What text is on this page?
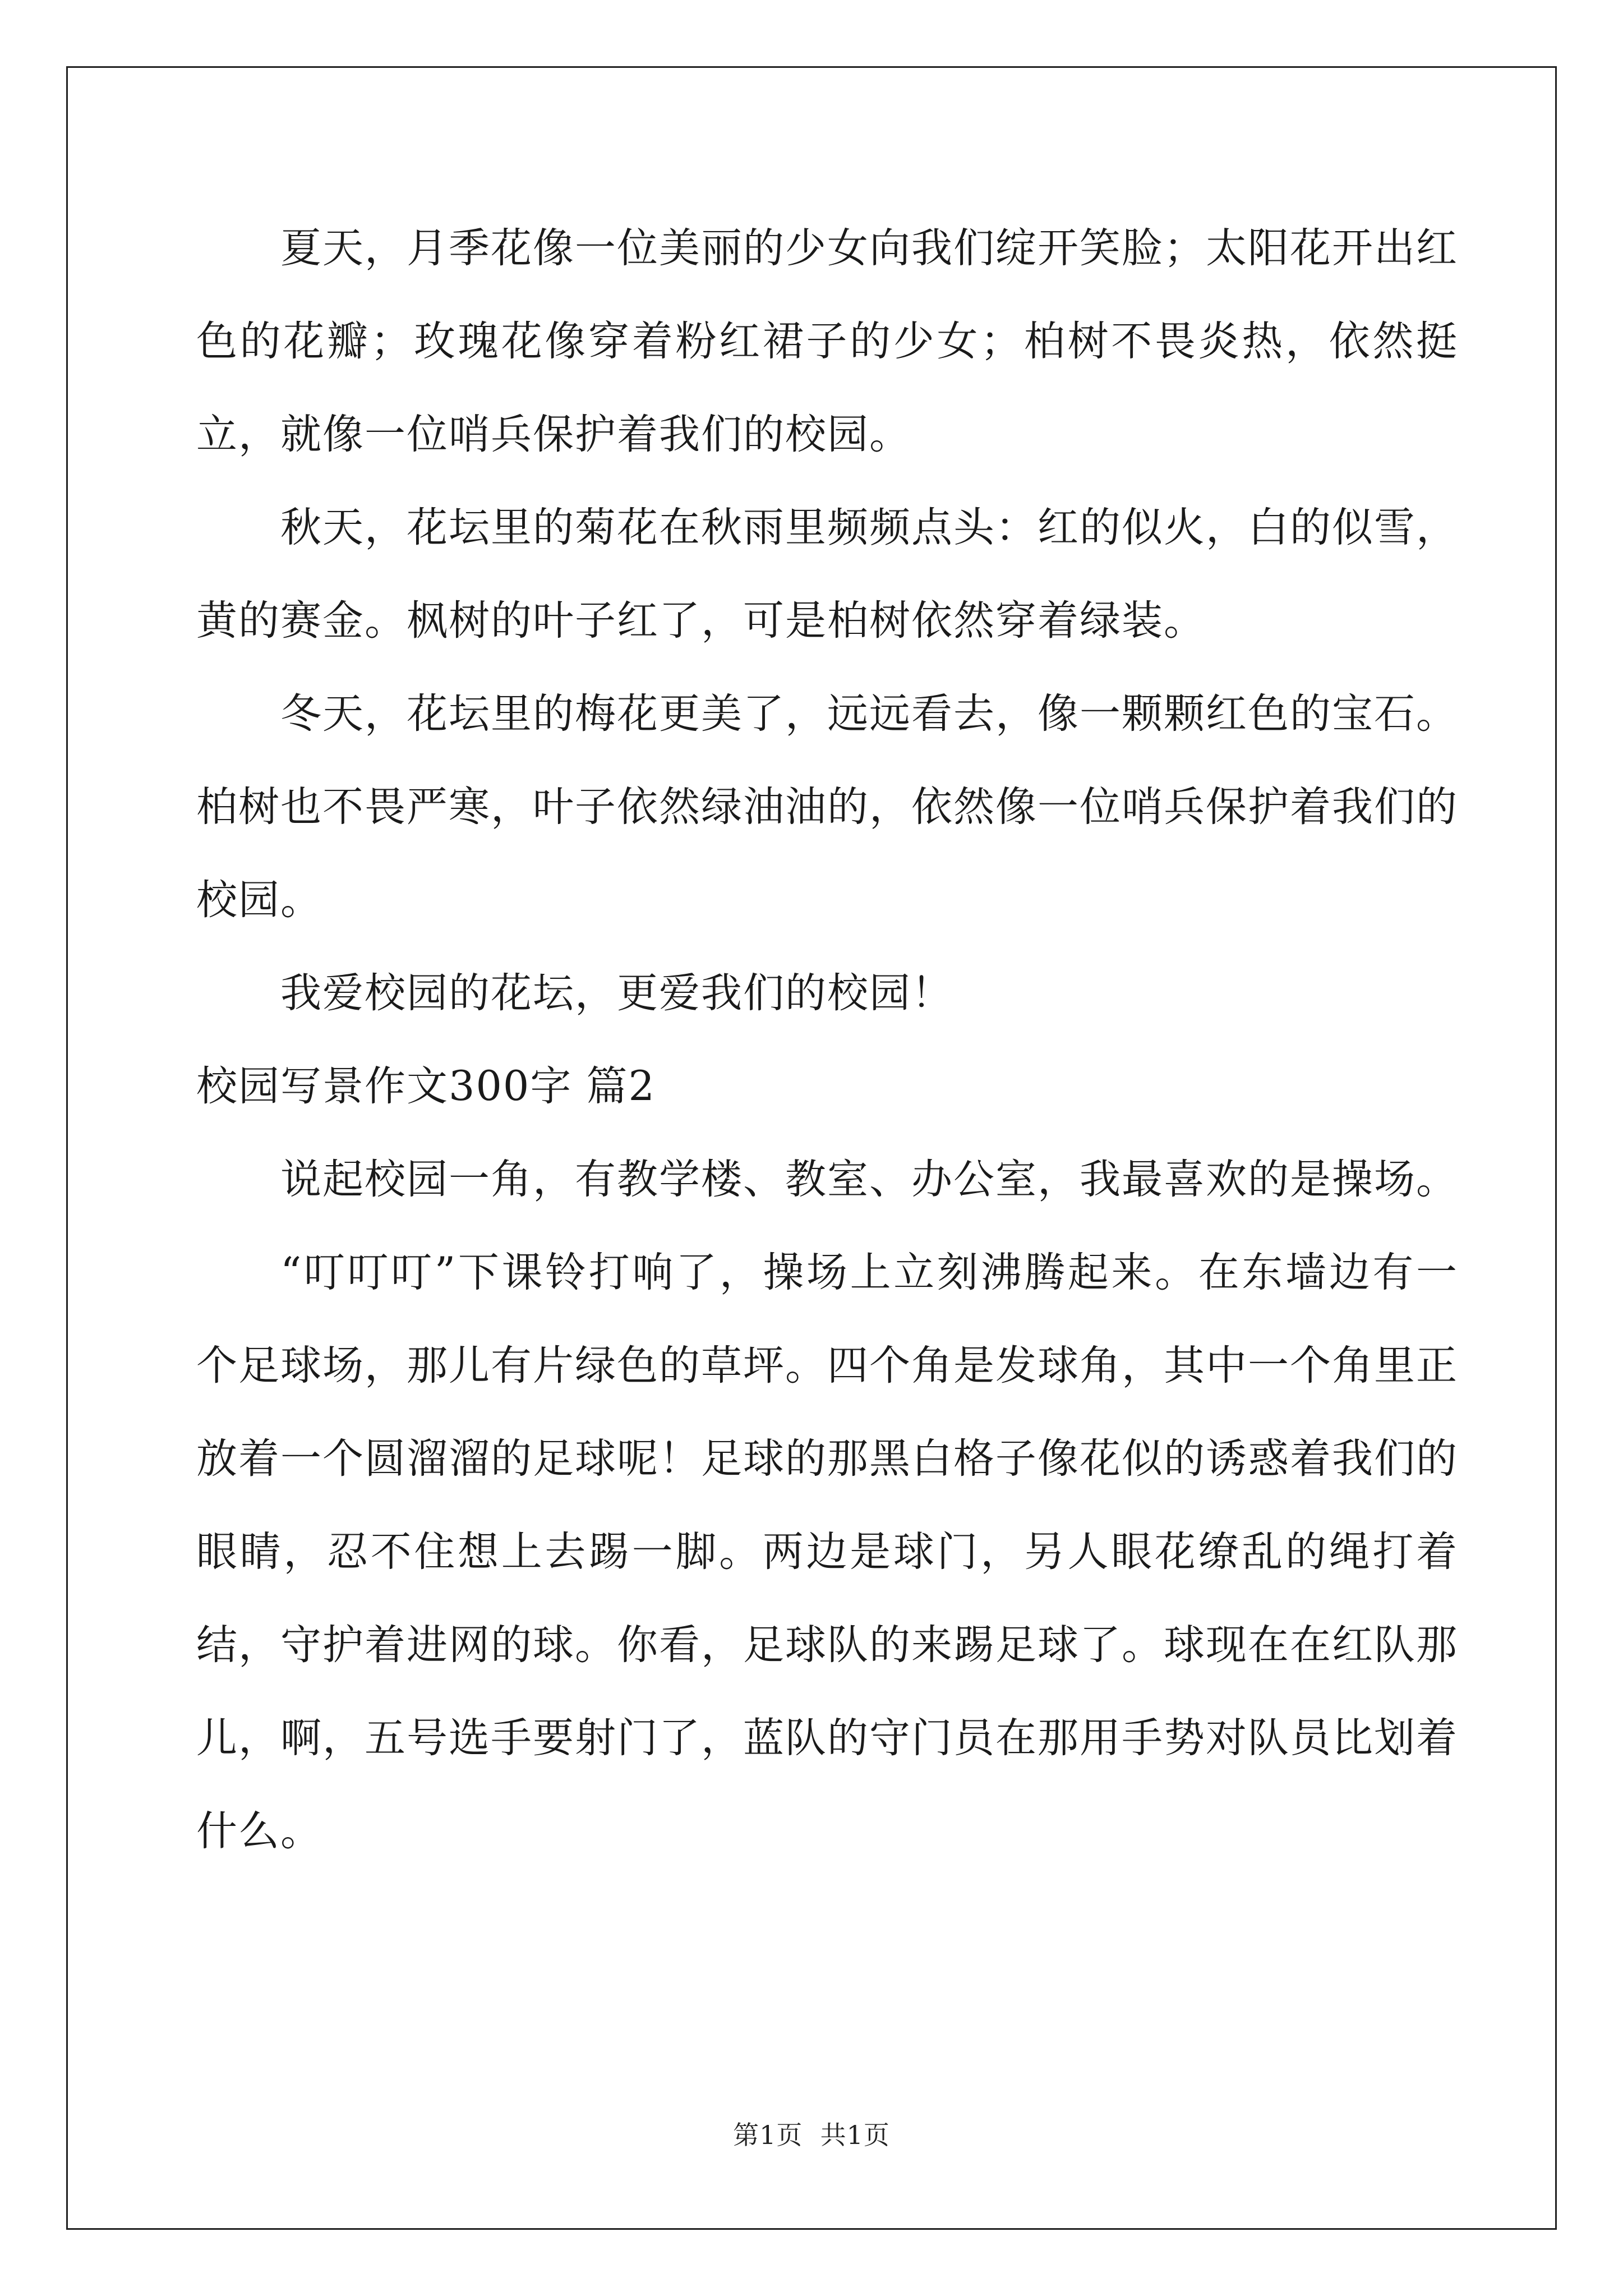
夏天，月季花像一位美丽的少女向我们绽开笑脸；太阳花开出红色的花瓣；玫瑰花像穿着粉红裙子的少女；柏树不畏炎热，依然挺立，就像一位哨兵保护着我们的校园。

秋天，花坛里的菊花在秋雨里频频点头：红的似火，白的似雪，黄的赛金。枫树的叶子红了，可是柏树依然穿着绿装。

冬天，花坛里的梅花更美了，远远看去，像一颗颗红色的宝石。柏树也不畏严寒，叶子依然绿油油的，依然像一位哨兵保护着我们的校园。

我爱校园的花坛，更爱我们的校园！

校园写景作文300字 篇2

说起校园一角，有教学楼、教室、办公室，我最喜欢的是操场。

“叮叮叮”下课铃打响了，操场上立刻沸腾起来。在东墙边有一个足球场，那儿有片绿色的草坪。四个角是发球角，其中一个角里正放着一个圆溜溜的足球呢！足球的那黑白格子像花似的诱惑着我们的眼睛，忍不住想上去踢一脚。两边是球门，另人眼花缭乱的绳打着结，守护着进网的球。你看，足球队的来踢足球了。球现在在红队那儿，啊，五号选手要射门了，蓝队的守门员在那用手势对队员比划着什么。

第1页  共1页
